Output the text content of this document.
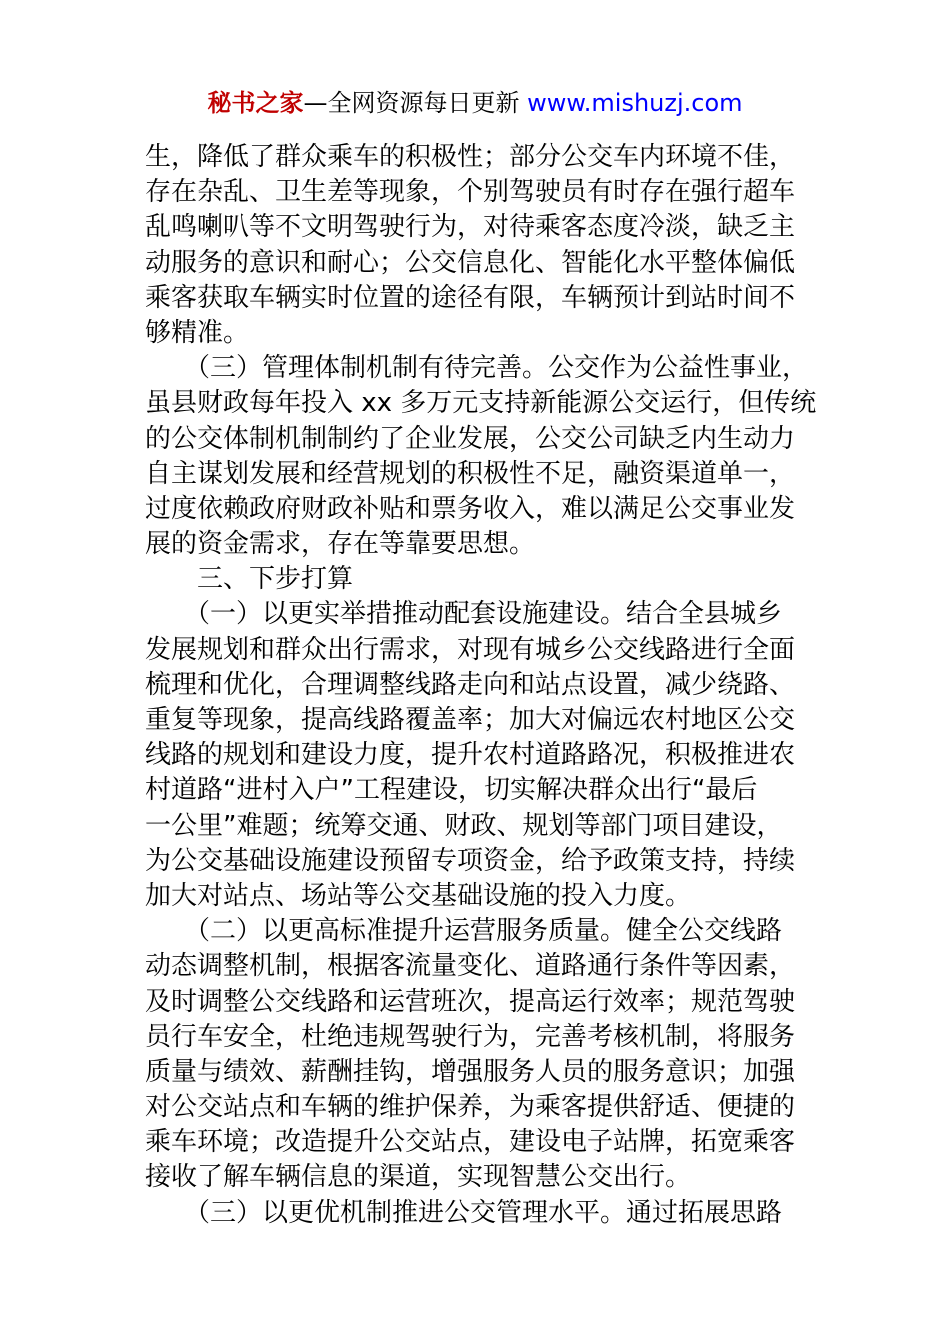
秘书之家—全网资源每日更新 www.mishuzj.com
生，降低了群众乘车的积极性；部分公交车内环境不佳，
存在杂乱、卫生差等现象，个别驾驶员有时存在强行超车
乱鸣喇叭等不文明驾驶行为，对待乘客态度冷淡，缺乏主
动服务的意识和耐心；公交信息化、智能化水平整体偏低
乘客获取车辆实时位置的途径有限，车辆预计到站时间不
够精准。
　　（三）管理体制机制有待完善。公交作为公益性事业，
虽县财政每年投入 xx 多万元支持新能源公交运行，但传统
的公交体制机制制约了企业发展，公交公司缺乏内生动力
自主谋划发展和经营规划的积极性不足，融资渠道单一，
过度依赖政府财政补贴和票务收入，难以满足公交事业发
展的资金需求，存在等靠要思想。
　　三、下步打算
　　（一）以更实举措推动配套设施建设。结合全县城乡
发展规划和群众出行需求，对现有城乡公交线路进行全面
梳理和优化，合理调整线路走向和站点设置，减少绕路、
重复等现象，提高线路覆盖率；加大对偏远农村地区公交
线路的规划和建设力度，提升农村道路路况，积极推进农
村道路“进村入户”工程建设，切实解决群众出行“最后
一公里”难题；统筹交通、财政、规划等部门项目建设，
为公交基础设施建设预留专项资金，给予政策支持，持续
加大对站点、场站等公交基础设施的投入力度。
　　（二）以更高标准提升运营服务质量。健全公交线路
动态调整机制，根据客流量变化、道路通行条件等因素，
及时调整公交线路和运营班次，提高运行效率；规范驾驶
员行车安全，杜绝违规驾驶行为，完善考核机制，将服务
质量与绩效、薪酬挂钩，增强服务人员的服务意识；加强
对公交站点和车辆的维护保养，为乘客提供舒适、便捷的
乘车环境；改造提升公交站点，建设电子站牌，拓宽乘客
接收了解车辆信息的渠道，实现智慧公交出行。
　　（三）以更优机制推进公交管理水平。通过拓展思路
